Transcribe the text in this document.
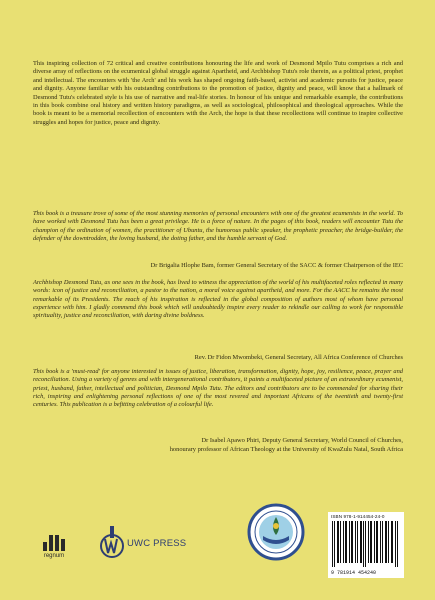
This inspiring collection of 72 critical and creative contributions honouring the life and work of Desmond Mpilo Tutu comprises a rich and diverse array of reflections on the ecumenical global struggle against Apartheid, and Archbishop Tutu's role therein, as a political priest, prophet and intellectual. The encounters with 'the Arch' and his work has shaped ongoing faith-based, activist and academic pursuits for justice, peace and dignity. Anyone familiar with his outstanding contributions to the promotion of justice, dignity and peace, will know that a hallmark of Desmond Tutu's celebrated style is his use of narrative and real-life stories. In honour of his unique and remarkable example, the contributions in this book combine oral history and written history paradigms, as well as sociological, philosophical and theological approaches. While the book is meant to be a memorial recollection of encounters with the Arch, the hope is that these recollections will continue to inspire collective struggles and hopes for justice, peace and dignity.

This book is a treasure trove of some of the most stunning memories of personal encounters with one of the greatest ecumenists in the world. To have worked with Desmond Tutu has been a great privilege. He is a force of nature. In the pages of this book, readers will encounter Tutu the champion of the ordination of women, the practitioner of Ubuntu, the humorous public speaker, the prophetic preacher, the bridge-builder, the defender of the downtrodden, the loving husband, the doting father, and the humble servant of God.

Dr Brigalia Hlophe Bam, former General Secretary of the SACC & former Chairperson of the IEC

Archbishop Desmond Tutu, as one sees in the book, has lived to witness the appreciation of the world of his multifaceted roles reflected in many words: icon of justice and reconciliation, a pastor to the nation, a moral voice against apartheid, and more. For the AACC he remains the most remarkable of its Presidents. The reach of his inspiration is reflected in the global composition of authors most of whom have personal experience with him. I gladly commend this book which will undoubtedly inspire every reader to rekindle our calling to work for responsible spirituality, justice and reconciliation, with daring divine boldness.

Rev. Dr Fidon Mwombeki, General Secretary, All Africa Conference of Churches

This book is a 'must-read' for anyone interested in issues of justice, liberation, transformation, dignity, hope, joy, resilience, peace, prayer and reconciliation. Using a variety of genres and with intergenerational contributors, it paints a multifaceted picture of an extraordinary ecumenist, priest, husband, father, intellectual and politician, Desmond Mpilo Tutu. The editors and contributors are to be commended for sharing their rich, inspiring and enlightening personal reflections of one of the most revered and important Africans of the twentieth and twenty-first centuries. This publication is a befitting celebration of a colourful life.

Dr Isabel Apawo Phiri, Deputy General Secretary, World Council of Churches,

honourary professor of African Theology at the University of KwaZulu Natal, South Africa

regnum
UWC PRESS
ISBN 978-1-914454-24-0
9 781914 454240
